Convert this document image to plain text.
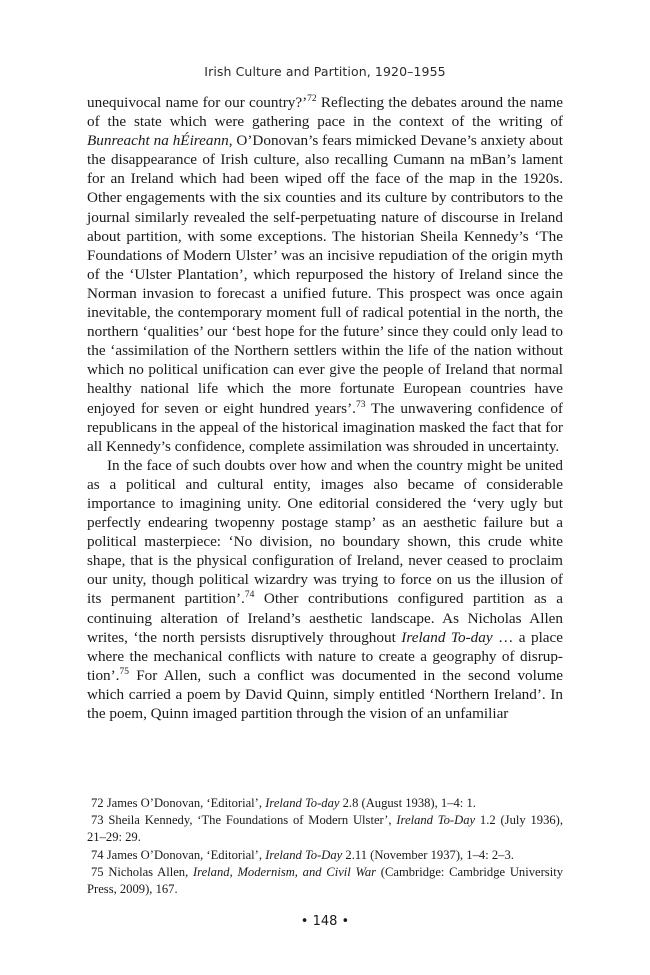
Irish Culture and Partition, 1920–1955

unequivocal name for our country?’$^{72}$ Reflecting the debates around the name of the state which were gathering pace in the context of the writing of Bunreacht na hÉireann, O’Donovan’s fears mimicked Devane’s anxiety about the disappearance of Irish culture, also recalling Cumann na mBan’s lament for an Ireland which had been wiped off the face of the map in the 1920s. Other engagements with the six counties and its culture by contributors to the journal similarly revealed the self-perpetuating nature of discourse in Ireland about partition, with some exceptions. The historian Sheila Kennedy’s ‘The Foundations of Modern Ulster’ was an incisive repudiation of the origin myth of the ‘Ulster Plantation’, which repurposed the history of Ireland since the Norman invasion to forecast a unified future. This prospect was once again inevitable, the contemporary moment full of radical potential in the north, the northern ‘qualities’ our ‘best hope for the future’ since they could only lead to the ‘assimilation of the Northern settlers within the life of the nation without which no political unification can ever give the people of Ireland that normal healthy national life which the more fortunate European countries have enjoyed for seven or eight hundred years’.$^{73}$ The unwavering confidence of republicans in the appeal of the historical imagination masked the fact that for all Kennedy’s confidence, complete assimilation was shrouded in uncertainty.

In the face of such doubts over how and when the country might be united as a political and cultural entity, images also became of considerable importance to imagining unity. One editorial considered the ‘very ugly but perfectly endearing twopenny postage stamp’ as an aesthetic failure but a political masterpiece: ‘No division, no boundary shown, this crude white shape, that is the physical configuration of Ireland, never ceased to proclaim our unity, though political wizardry was trying to force on us the illusion of its permanent partition’.$^{74}$ Other contributions configured partition as a continuing alteration of Ireland’s aesthetic landscape. As Nicholas Allen writes, ‘the north persists disruptively throughout Ireland To-day … a place where the mechanical conflicts with nature to create a geography of disrup-tion’.$^{75}$ For Allen, such a conflict was documented in the second volume which carried a poem by David Quinn, simply entitled ‘Northern Ireland’. In the poem, Quinn imaged partition through the vision of an unfamiliar

72 James O’Donovan, ‘Editorial’, Ireland To-day 2.8 (August 1938), 1–4: 1.

73 Sheila Kennedy, ‘The Foundations of Modern Ulster’, Ireland To-Day 1.2 (July 1936), 21–29: 29.

74 James O’Donovan, ‘Editorial’, Ireland To-Day 2.11 (November 1937), 1–4: 2–3.

75 Nicholas Allen, Ireland, Modernism, and Civil War (Cambridge: Cambridge University Press, 2009), 167.

• 148 •
